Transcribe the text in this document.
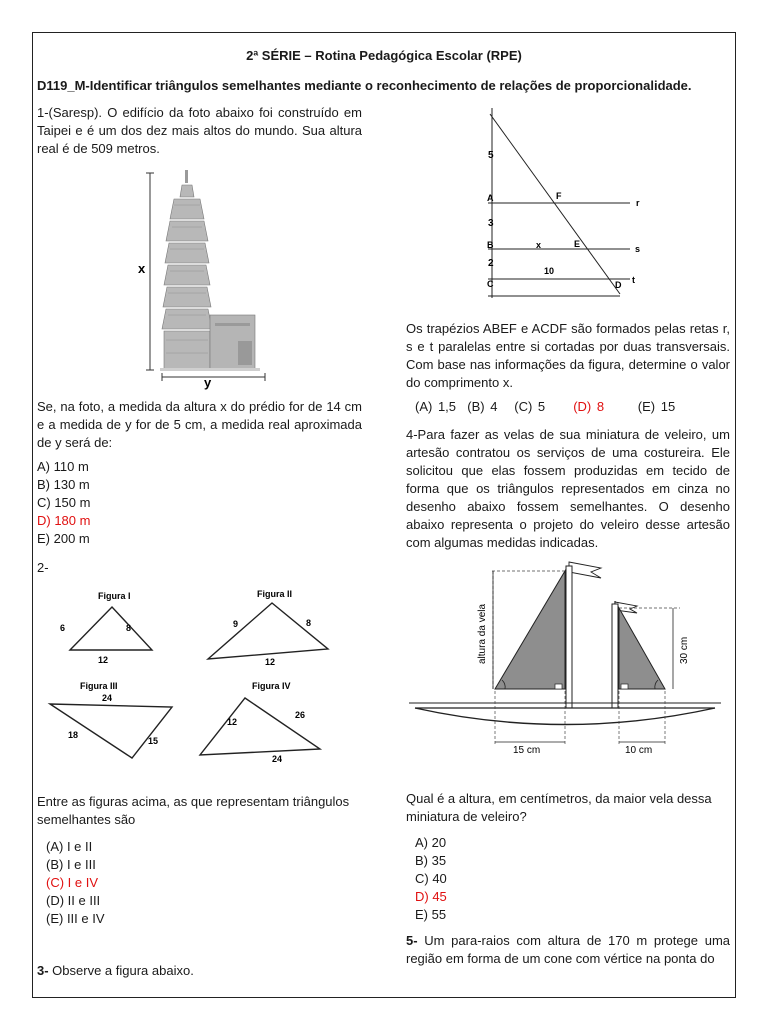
2ª SÉRIE – Rotina Pedagógica Escolar (RPE)
D119_M-Identificar triângulos semelhantes mediante o reconhecimento de relações de proporcionalidade.
1-(Saresp). O edifício da foto abaixo foi construído em Taipei e é um dos dez mais altos do mundo. Sua altura real é de 509 metros.
x
y
Se, na foto, a medida da altura x do prédio for de 14 cm e a medida de y for de 5 cm, a medida real aproximada de y será de:
A) 110 m
B) 130 m
C) 150 m
D) 180 m
E) 200 m
2-
Figura I
6	8
12
Figura II
9	8
12
Figura III
24
18
15
Figura IV
12
26
24
Entre as figuras acima, as que representam triângulos semelhantes são
(A) I e II
(B) I e III
(C) I e IV
(D) II e III
(E) III e IV
3- Observe a figura abaixo.
5
A	F
r
3
B	x	E	s
2
10
t
C	D
Os trapézios ABEF e ACDF são formados pelas retas r, s e t paralelas entre si cortadas por duas transversais. Com base nas informações da figura, determine o valor do comprimento x.
(A) 1,5 (B) 4 (C) 5 (D) 8	(E) 15
4-Para fazer as velas de sua miniatura de veleiro, um artesão contratou os serviços de uma costureira. Ele solicitou que elas fossem produzidas em tecido de forma que os triângulos representados em cinza no desenho abaixo fossem semelhantes. O desenho abaixo representa o projeto do veleiro desse artesão com algumas medidas indicadas.
altura da vela	30 cm
15 cm	10 cm
Qual é a altura, em centímetros, da maior vela dessa miniatura de veleiro?
A) 20
B) 35
C) 40
D) 45
E) 55
5- Um para-raios com altura de 170 m protege uma região em forma de um cone com vértice na ponta do
